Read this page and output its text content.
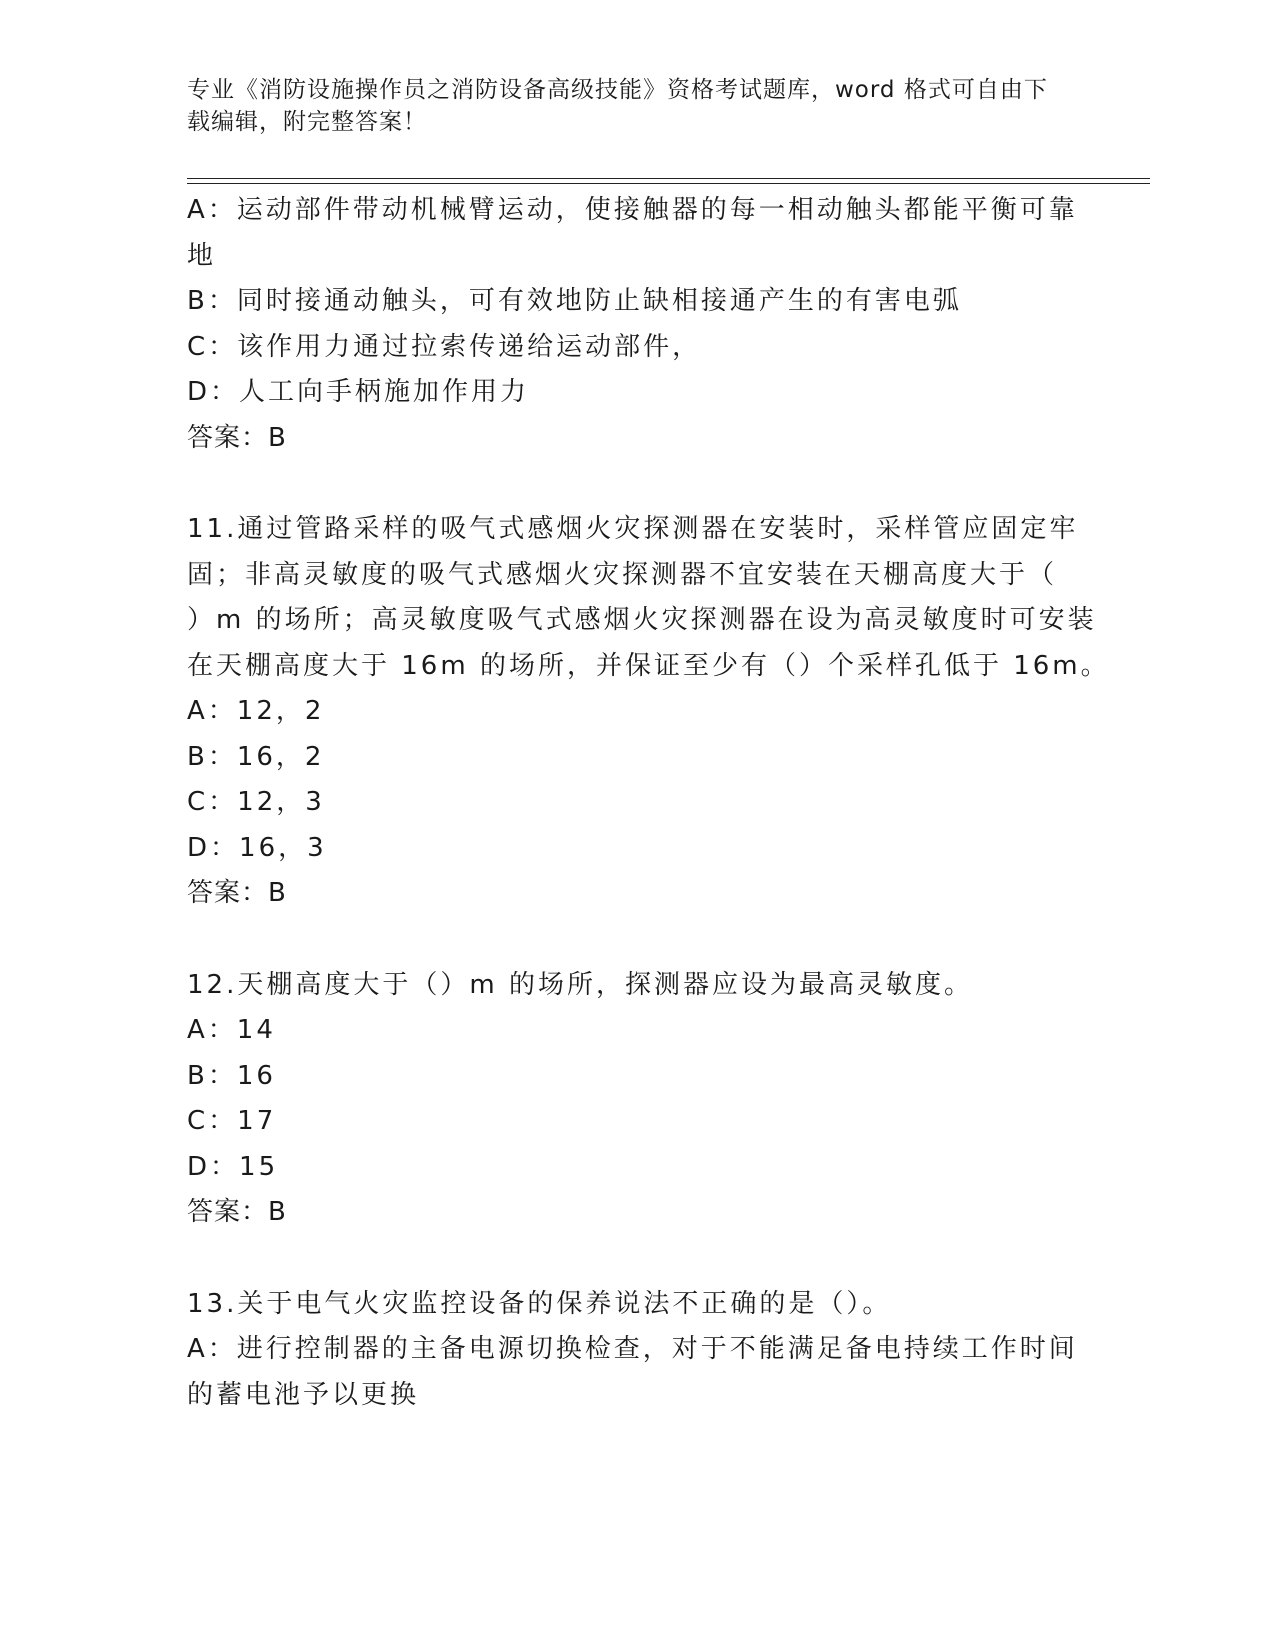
专业《消防设施操作员之消防设备高级技能》资格考试题库，word 格式可自由下
载编辑，附完整答案！
A：运动部件带动机械臂运动，使接触器的每一相动触头都能平衡可靠
地
B：同时接通动触头，可有效地防止缺相接通产生的有害电弧
C：该作用力通过拉索传递给运动部件，
D：人工向手柄施加作用力
答案：B
11.通过管路采样的吸气式感烟火灾探测器在安装时，采样管应固定牢
固；非高灵敏度的吸气式感烟火灾探测器不宜安装在天棚高度大于（
）m 的场所；高灵敏度吸气式感烟火灾探测器在设为高灵敏度时可安装
在天棚高度大于 16m 的场所，并保证至少有（）个采样孔低于 16m。
A：12，2
B：16，2
C：12，3
D：16，3
答案：B
12.天棚高度大于（）m 的场所，探测器应设为最高灵敏度。
A：14
B：16
C：17
D：15
答案：B
13.关于电气火灾监控设备的保养说法不正确的是（）。
A：进行控制器的主备电源切换检查，对于不能满足备电持续工作时间
的蓄电池予以更换
